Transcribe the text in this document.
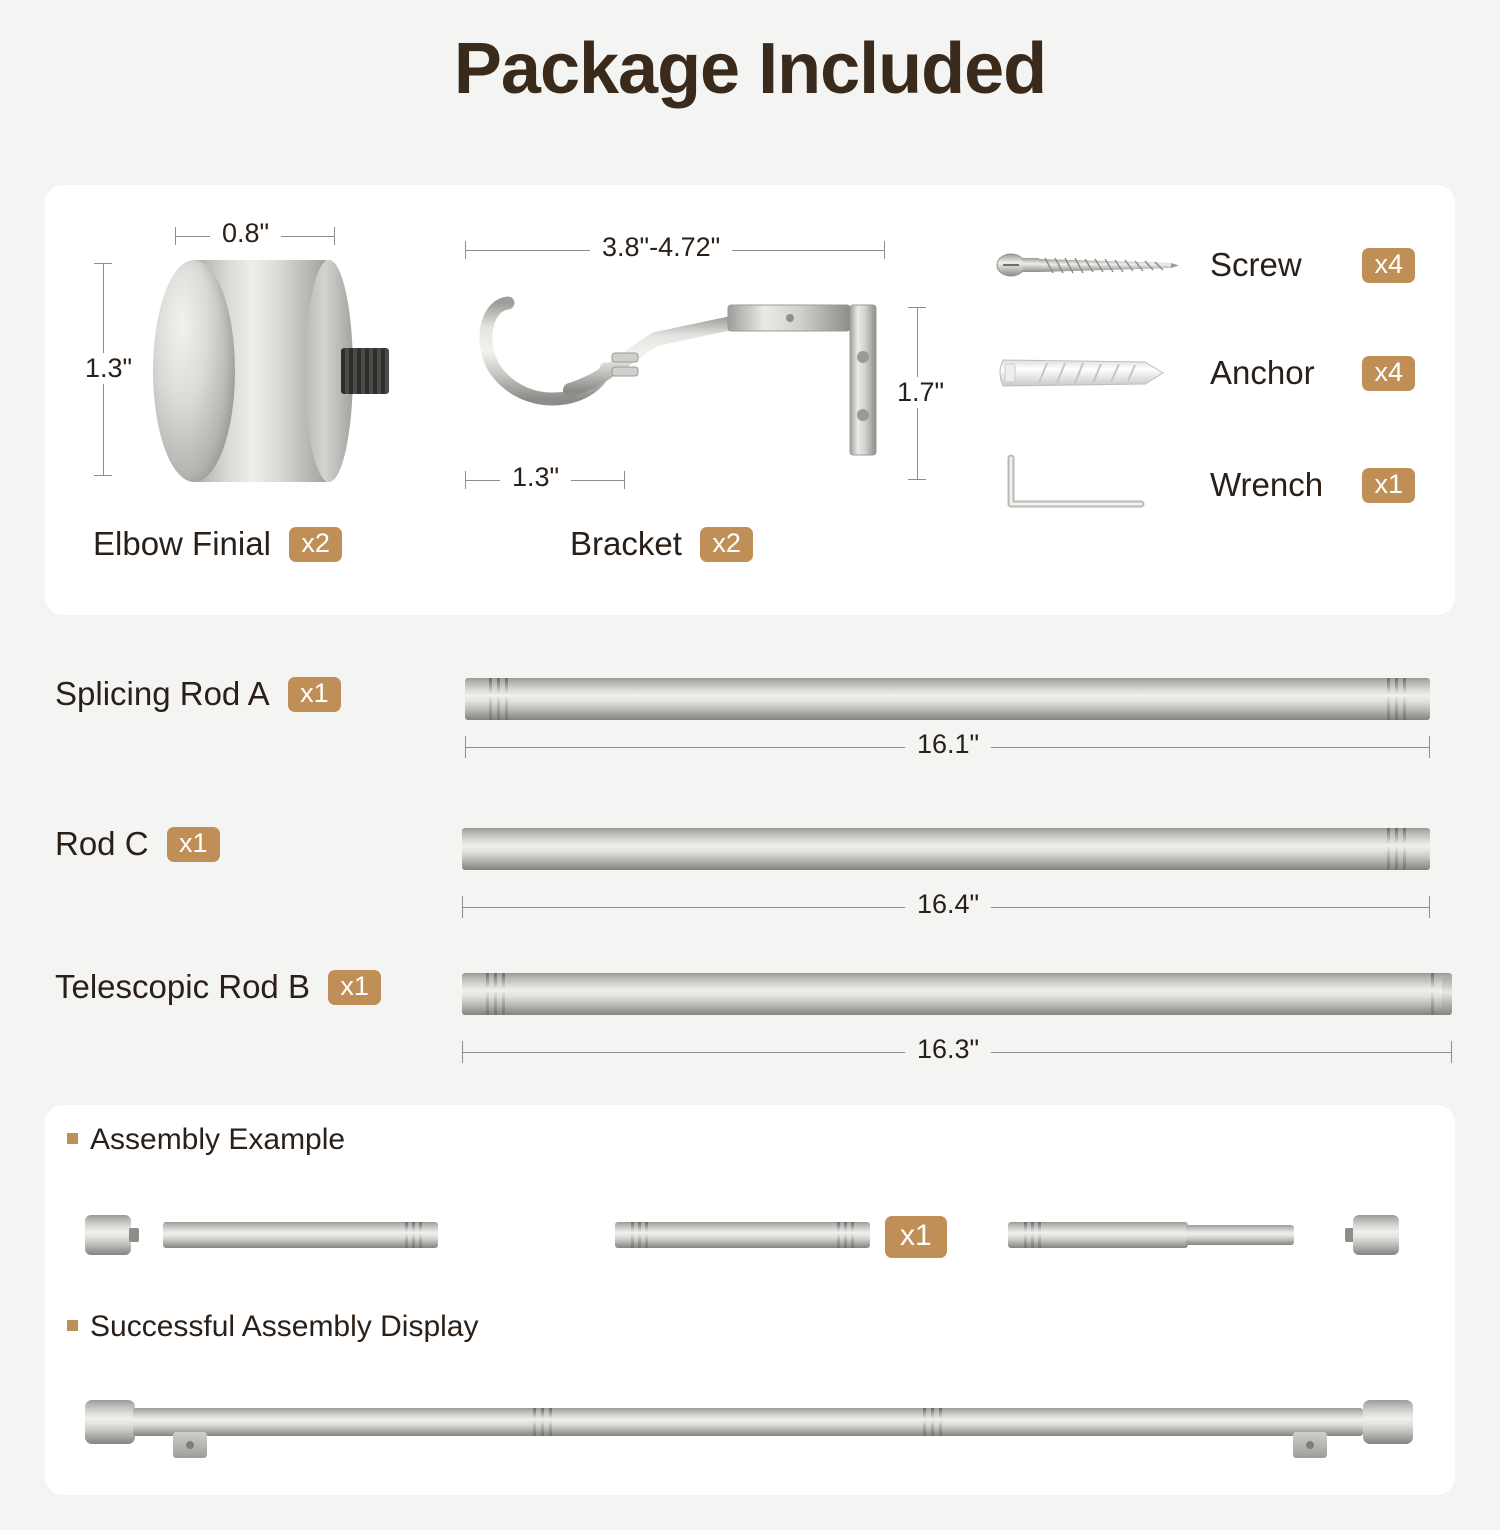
Package Included
0.8"
1.3"
Elbow Finial x2
3.8"-4.72"
1.3"
1.7"
Bracket x2
Screw	x4
Anchor	x4
Wrench	x1
Splicing Rod A x1
16.1"
Rod C x1
16.4"
Telescopic Rod B x1
16.3"
Assembly Example
x1
Successful Assembly Display
